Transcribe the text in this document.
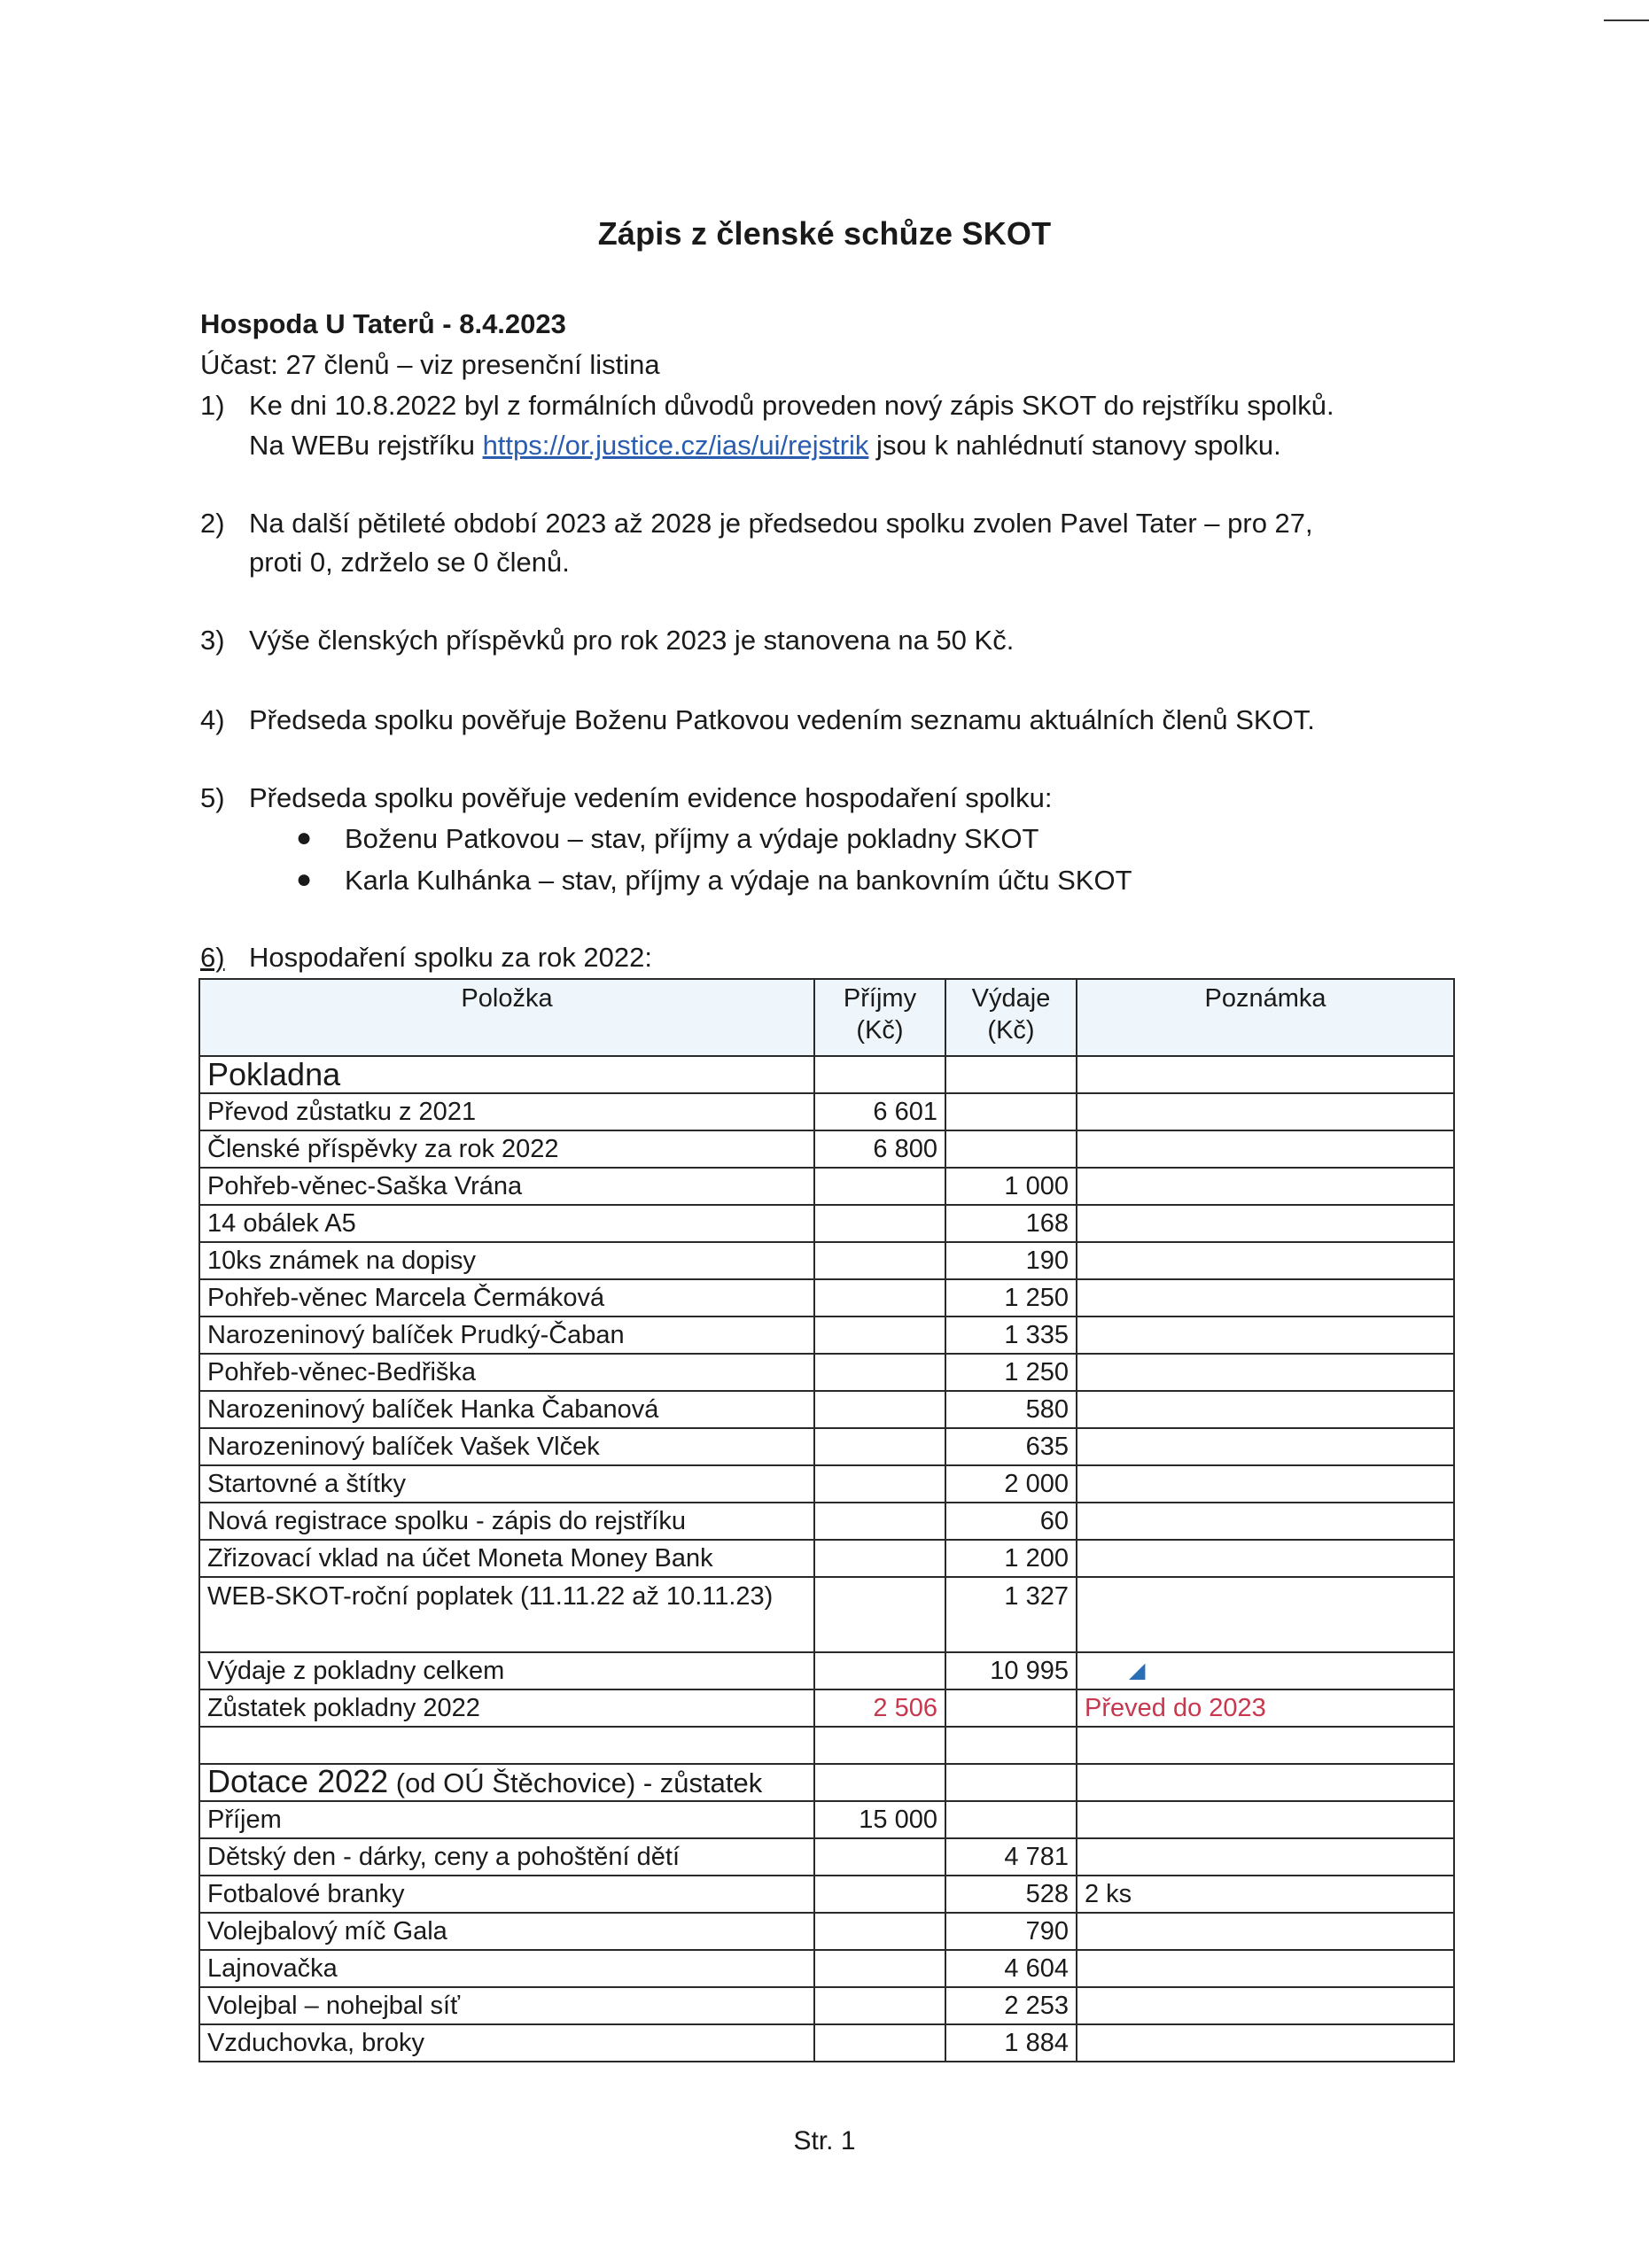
Zápis z členské schůze SKOT
Hospoda U Taterů - 8.4.2023
Účast: 27 členů – viz presenční listina
1) Ke dni 10.8.2022 byl z formálních důvodů proveden nový zápis SKOT do rejstříku spolků.
Na WEBu rejstříku https://or.justice.cz/ias/ui/rejstrik jsou k nahlédnutí stanovy spolku.
2) Na další pětileté období 2023 až 2028 je předsedou spolku zvolen Pavel Tater – pro 27,
proti 0, zdrželo se 0 členů.
3) Výše členských příspěvků pro rok 2023 je stanovena na 50 Kč.
4) Předseda spolku pověřuje Boženu Patkovou vedením seznamu aktuálních členů SKOT.
5) Předseda spolku pověřuje vedením evidence hospodaření spolku:
● Boženu Patkovou – stav, příjmy a výdaje pokladny SKOT
● Karla Kulhánka – stav, příjmy a výdaje na bankovním účtu SKOT
6) Hospodaření spolku za rok 2022:
Položka	Příjmy (Kč)	Výdaje (Kč)	Poznámka
Pokladna			
Převod zůstatku z 2021	6 601		
Členské příspěvky za rok 2022	6 800		
Pohřeb-věnec-Saška Vrána		1 000	
14 obálek A5		168	
10ks známek na dopisy		190	
Pohřeb-věnec Marcela Čermáková		1 250	
Narozeninový balíček Prudký-Čaban		1 335	
Pohřeb-věnec-Bedřiška		1 250	
Narozeninový balíček Hanka Čabanová		580	
Narozeninový balíček Vašek Vlček		635	
Startovné a štítky		2 000	
Nová registrace spolku - zápis do rejstříku		60	
Zřizovací vklad na účet Moneta Money Bank		1 200	
WEB-SKOT-roční poplatek (11.11.22 až 10.11.23)		1 327	
Výdaje z pokladny celkem		10 995	◢
Zůstatek pokladny 2022	2 506		Převed do 2023

Dotace 2022 (od OÚ Štěchovice) - zůstatek			
Příjem	15 000		
Dětský den - dárky, ceny a pohoštění dětí		4 781	
Fotbalové branky		528	2 ks
Volejbalový míč Gala		790	
Lajnovačka		4 604	
Volejbal – nohejbal síť		2 253	
Vzduchovka, broky		1 884	
Str. 1
